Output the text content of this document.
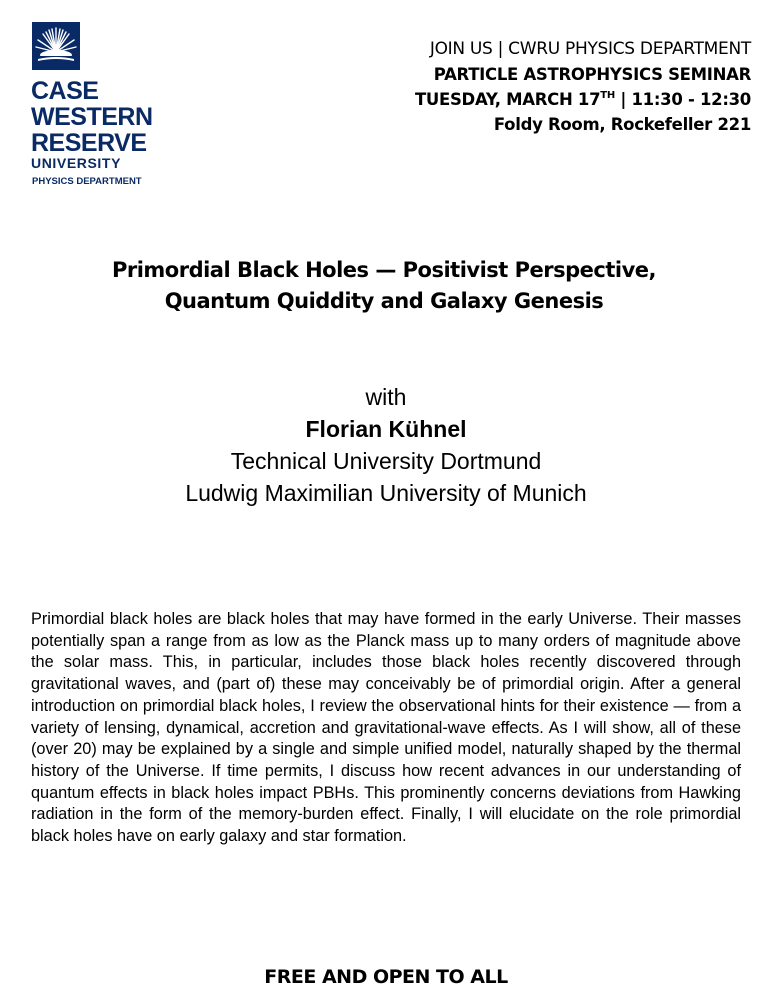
CASE
WESTERN
RESERVE
UNIVERSITY
PHYSICS DEPARTMENT
JOIN US | CWRU PHYSICS DEPARTMENT
PARTICLE ASTROPHYSICS SEMINAR
TUESDAY, MARCH 17TH | 11:30 - 12:30
Foldy Room, Rockefeller 221
Primordial Black Holes — Positivist Perspective,
Quantum Quiddity and Galaxy Genesis
with
Florian Kühnel
Technical University Dortmund
Ludwig Maximilian University of Munich
Primordial black holes are black holes that may have formed in the early Universe. Their masses potentially span a range from as low as the Planck mass up to many orders of magnitude above the solar mass. This, in particular, includes those black holes recently discovered through gravitational waves, and (part of) these may conceivably be of primordial origin. After a general introduction on primordial black holes, I review the observational hints for their existence — from a variety of lensing, dynamical, accretion and gravitational-wave effects. As I will show, all of these (over 20) may be explained by a single and simple unified model, naturally shaped by the thermal history of the Universe. If time permits, I discuss how recent advances in our understanding of quantum effects in black holes impact PBHs. This prominently concerns deviations from Hawking radiation in the form of the memory-burden effect. Finally, I will elucidate on the role primordial black holes have on early galaxy and star formation.
FREE AND OPEN TO ALL
